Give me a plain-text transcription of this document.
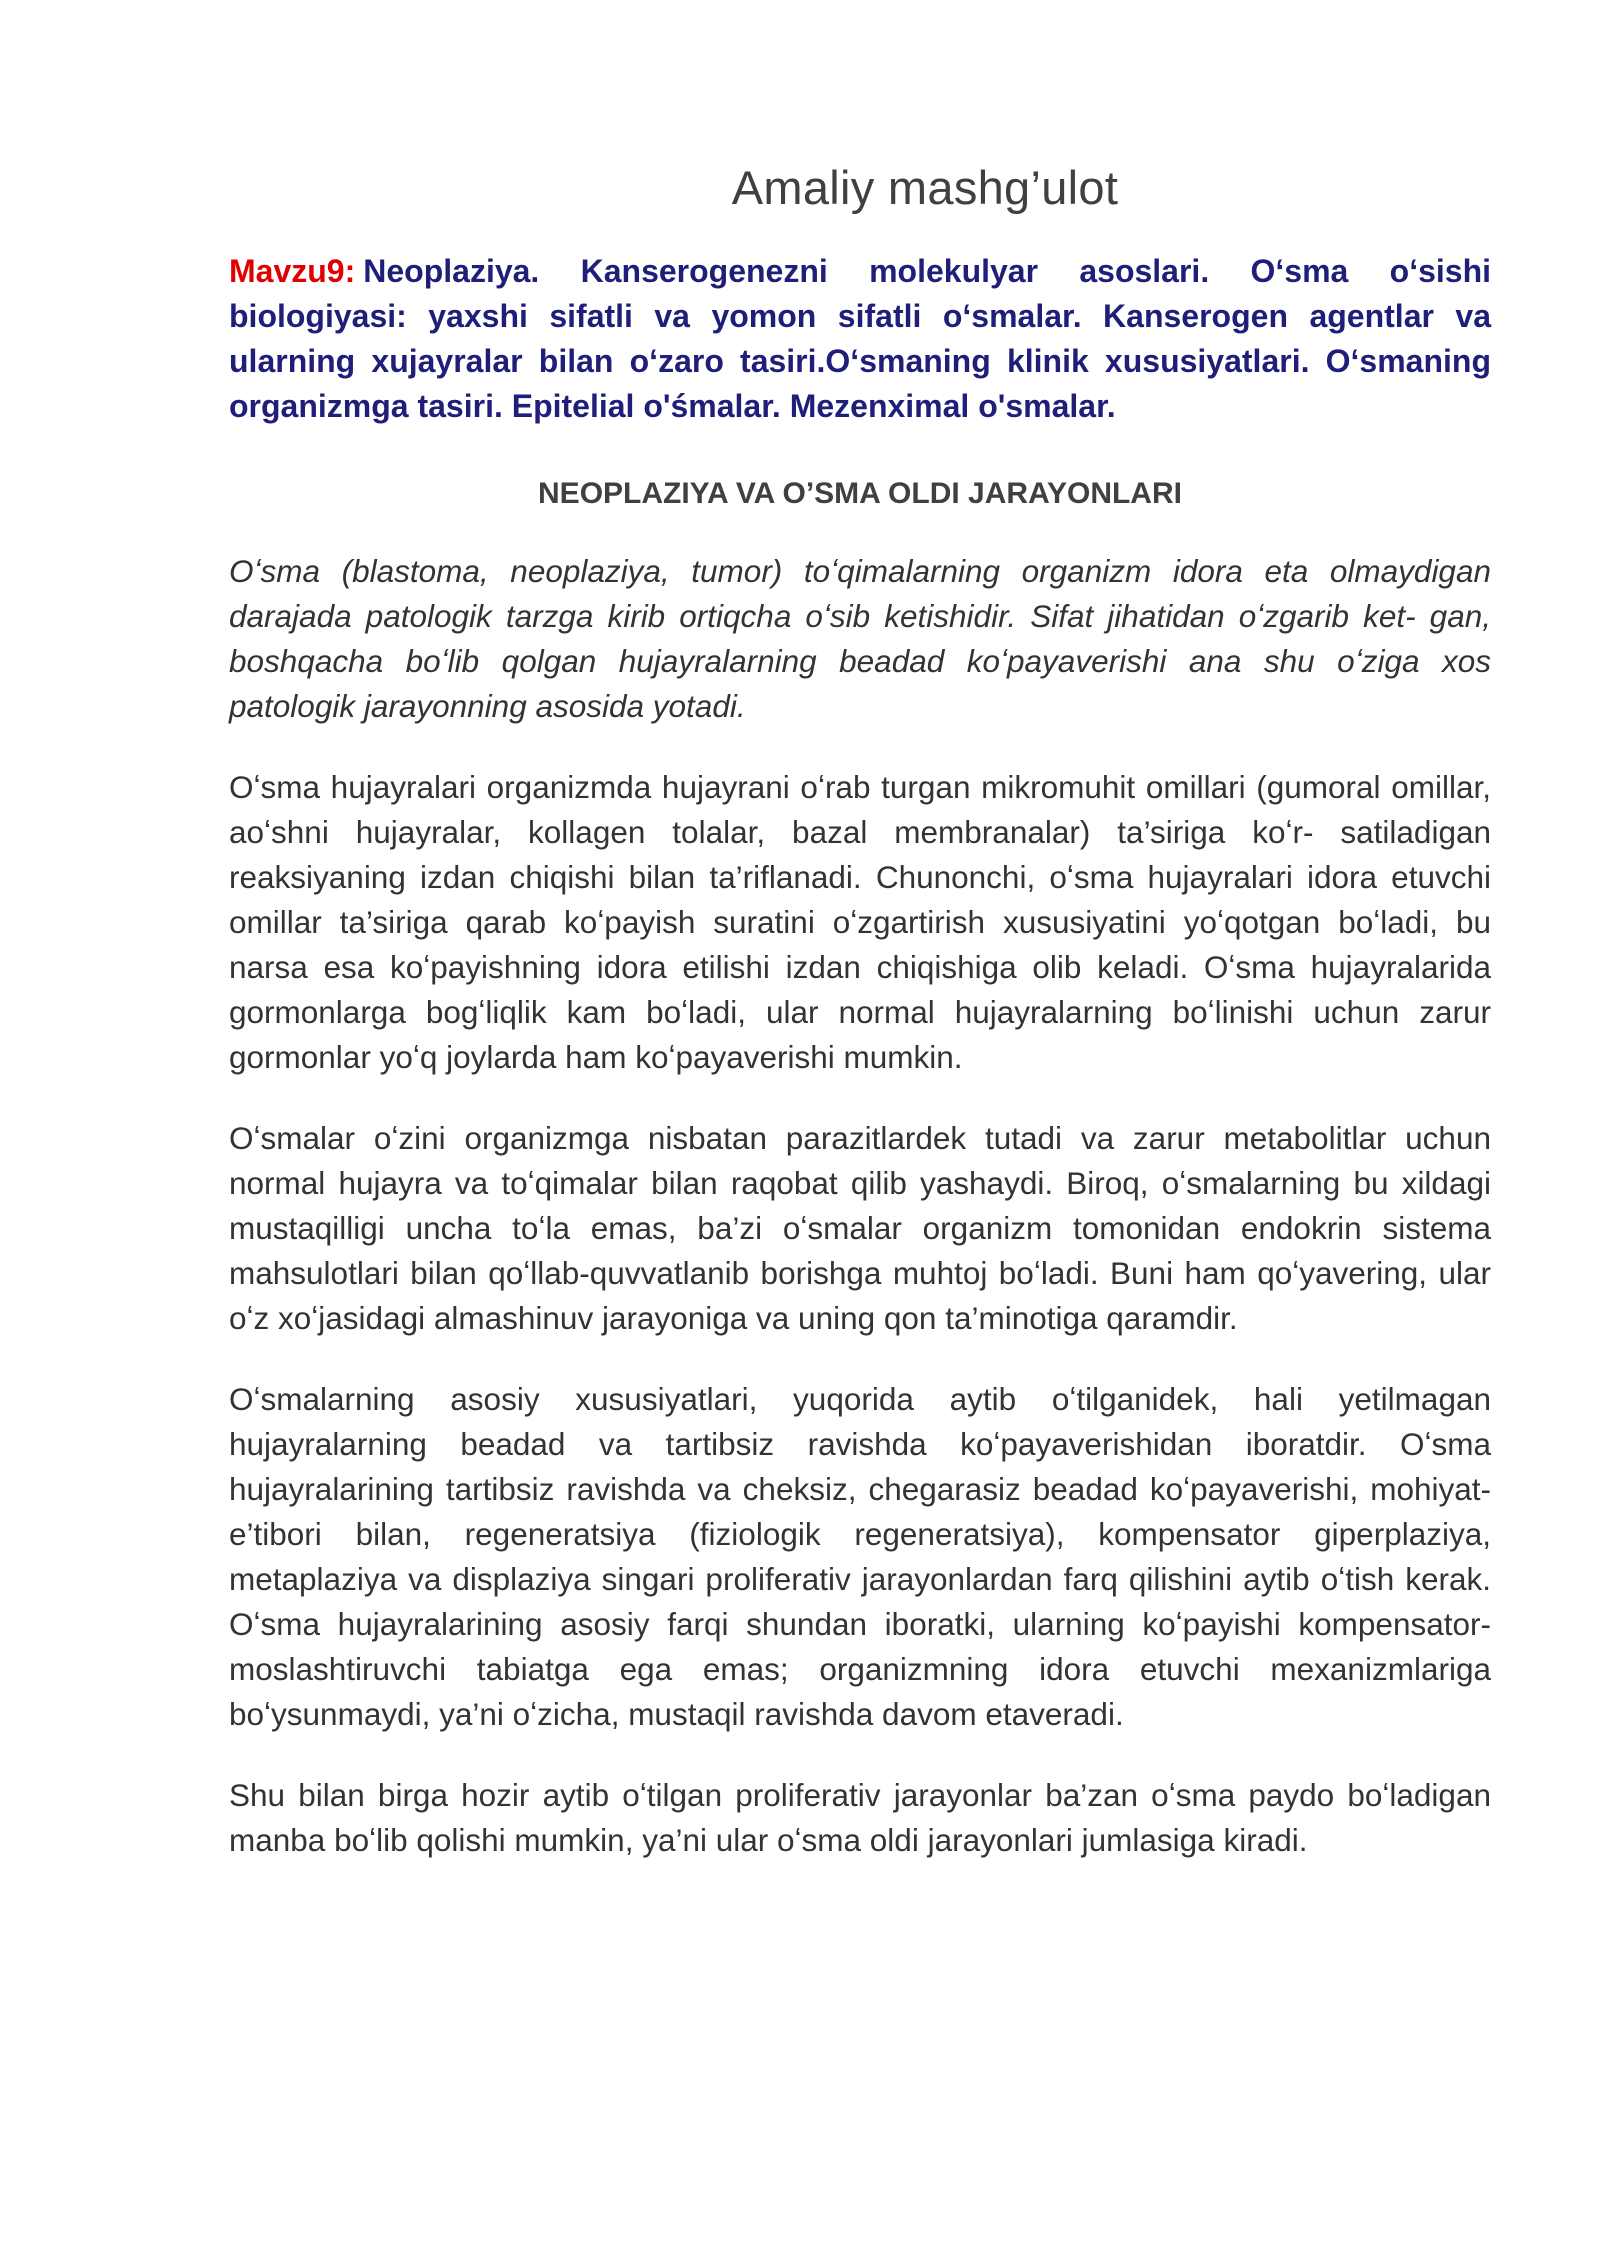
Amaliy mashg’ulot

Mavzu9: Neoplaziya. Kanserogenezni molekulyar asoslari. O‘sma o‘sishi biologiyasi: yaxshi sifatli va yomon sifatli o‘smalar. Kanserogen agentlar va ularning xujayralar bilan o‘zaro tasiri.O‘smaning klinik xususiyatlari. O‘smaning organizmga tasiri. Epitelial o'śmalar. Mezenximal o'smalar.

NEOPLAZIYA VA O’SMA OLDI JARAYONLARI

Oʻsma (blastoma, neoplaziya, tumor) toʻqimalarning organizm idora eta olmaydigan darajada patologik tarzga kirib ortiqcha oʻsib ketishidir. Sifat jihatidan oʻzgarib ket- gan, boshqacha boʻlib qolgan hujayralarning beadad koʻpayaverishi ana shu oʻziga xos patologik jarayonning asosida yotadi.

Oʻsma hujayralari organizmda hujayrani oʻrab turgan mikromuhit omillari (gumoral omillar, aoʻshni hujayralar, kollagen tolalar, bazal membranalar) ta’siriga koʻr- satiladigan reaksiyaning izdan chiqishi bilan ta’riflanadi. Chunonchi, oʻsma hujayralari idora etuvchi omillar ta’siriga qarab koʻpayish suratini oʻzgartirish xususiyatini yoʻqotgan boʻladi, bu narsa esa koʻpayishning idora etilishi izdan chiqishiga olib keladi. Oʻsma hujayralarida gormonlarga bogʻliqlik kam boʻladi, ular normal hujayralarning boʻlinishi uchun zarur gormonlar yoʻq joylarda ham koʻpayaverishi mumkin.

Oʻsmalar oʻzini organizmga nisbatan parazitlardek tutadi va zarur metabolitlar uchun normal hujayra va toʻqimalar bilan raqobat qilib yashaydi. Biroq, oʻsmalarning bu xildagi mustaqilligi uncha toʻla emas, ba’zi oʻsmalar organizm tomonidan endokrin sistema mahsulotlari bilan qoʻllab-quvvatlanib borishga muhtoj boʻladi. Buni ham qoʻyavering, ular oʻz xoʻjasidagi almashinuv jarayoniga va uning qon ta’minotiga qaramdir.

Oʻsmalarning asosiy xususiyatlari, yuqorida aytib oʻtilganidek, hali yetilmagan hujayralarning beadad va tartibsiz ravishda koʻpayaverishidan iboratdir. Oʻsma hujayralarining tartibsiz ravishda va cheksiz, chegarasiz beadad koʻpayaverishi, mohiyat-e’tibori bilan, regeneratsiya (fiziologik regeneratsiya), kompensator giperplaziya, metaplaziya va displaziya singari proliferativ jarayonlardan farq qilishini aytib oʻtish kerak. Oʻsma hujayralarining asosiy farqi shundan iboratki, ularning koʻpayishi kompensator-moslashtiruvchi tabiatga ega emas; organizmning idora etuvchi mexanizmlariga boʻysunmaydi, ya’ni oʻzicha, mustaqil ravishda davom etaveradi.

Shu bilan birga hozir aytib oʻtilgan proliferativ jarayonlar ba’zan oʻsma paydo boʻladigan manba boʻlib qolishi mumkin, ya’ni ular oʻsma oldi jarayonlari jumlasiga kiradi.
